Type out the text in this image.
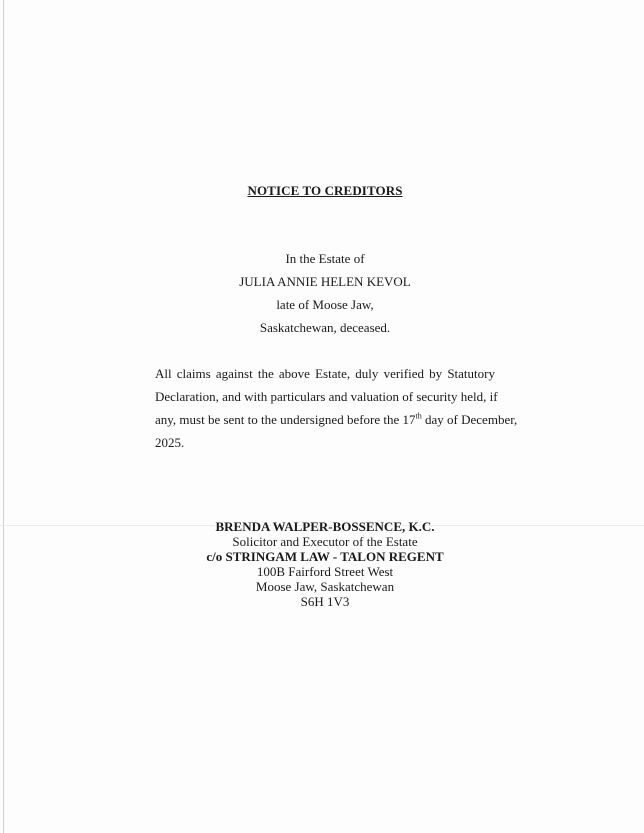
NOTICE TO CREDITORS
In the Estate of
JULIA ANNIE HELEN KEVOL
late of Moose Jaw,
Saskatchewan, deceased.
All claims against the above Estate, duly verified by Statutory
Declaration, and with particulars and valuation of security held, if
any, must be sent to the undersigned before the 17th day of December,
2025.
BRENDA WALPER-BOSSENCE, K.C.
Solicitor and Executor of the Estate
c/o STRINGAM LAW - TALON REGENT
100B Fairford Street West
Moose Jaw, Saskatchewan
S6H 1V3
